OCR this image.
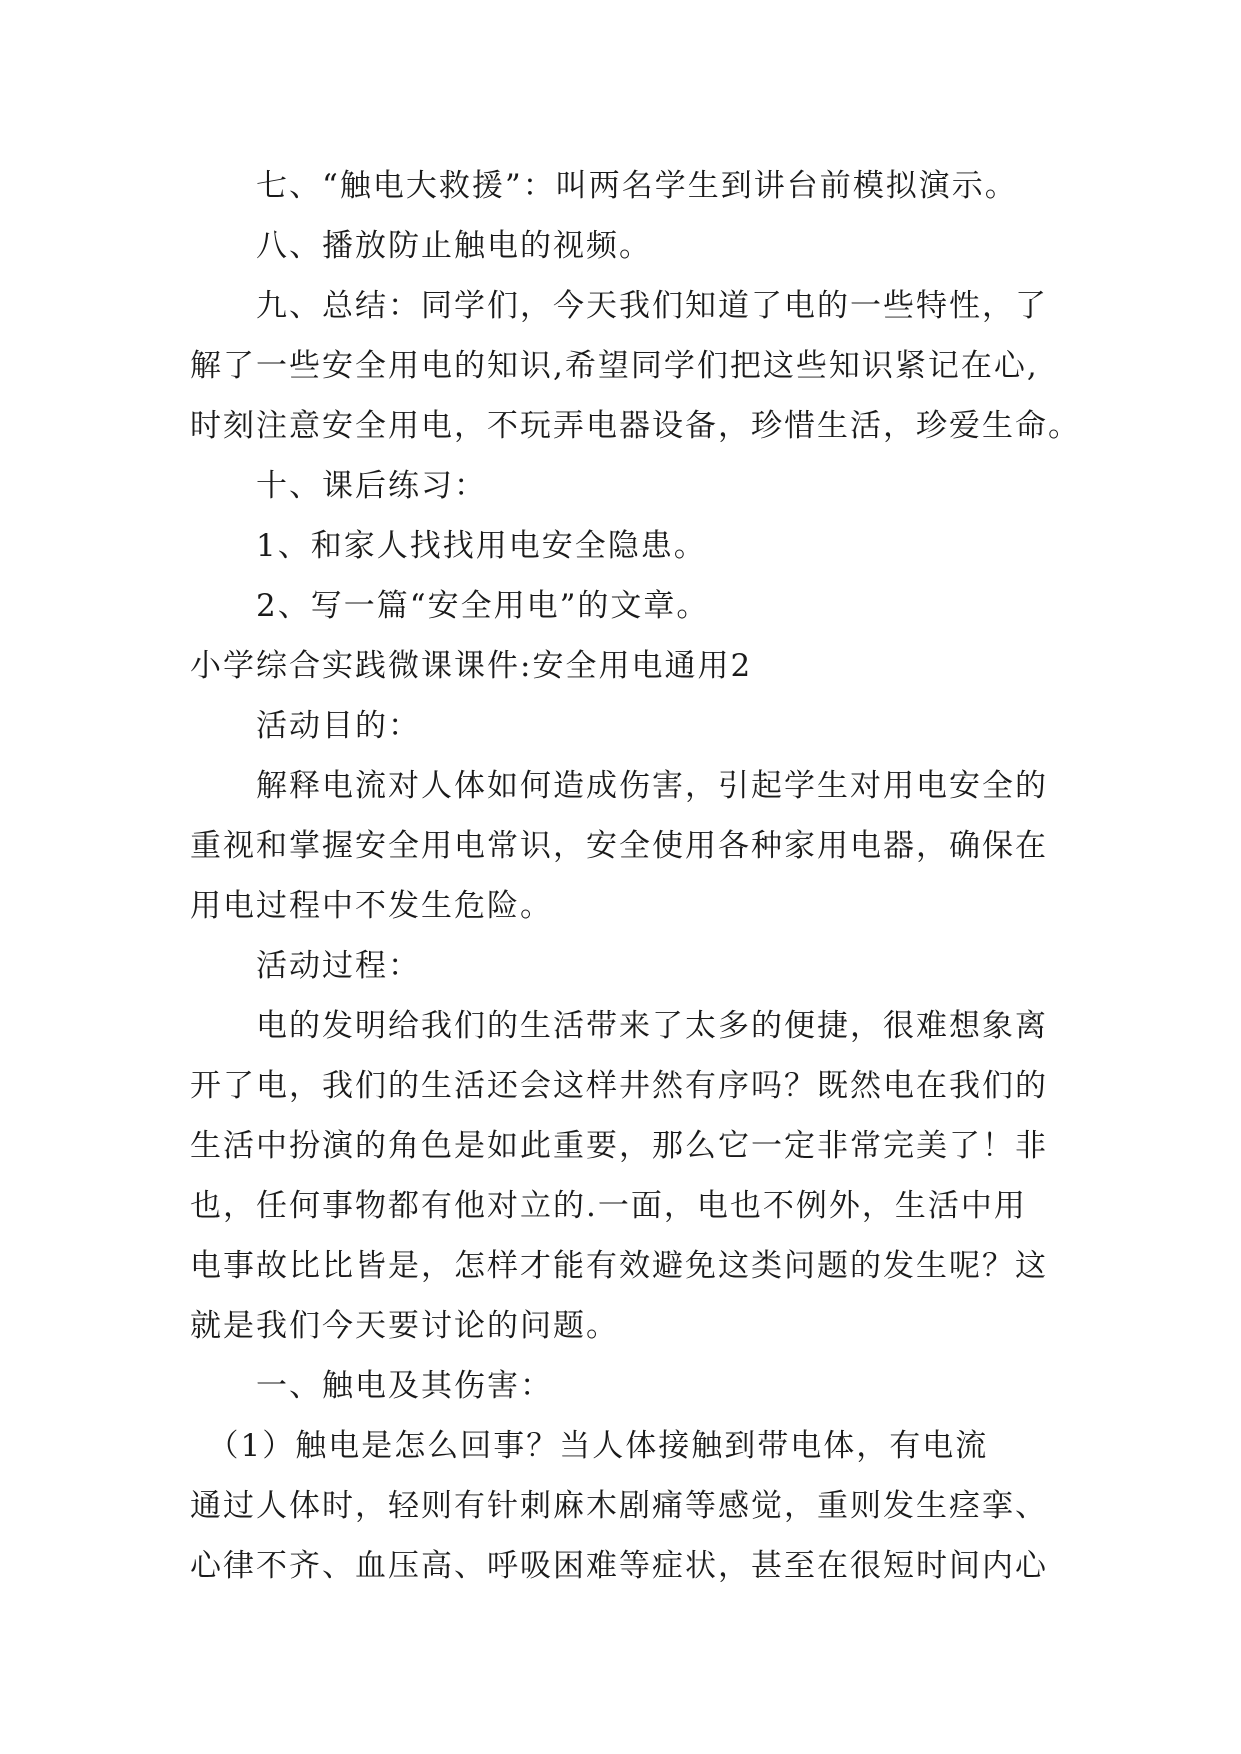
　　七、“触电大救援”：叫两名学生到讲台前模拟演示。
　　八、播放防止触电的视频。
　　九、总结：同学们，今天我们知道了电的一些特性，了
解了一些安全用电的知识,希望同学们把这些知识紧记在心,
时刻注意安全用电，不玩弄电器设备，珍惜生活，珍爱生命。
　　十、课后练习：
　　1、和家人找找用电安全隐患。
　　2、写一篇“安全用电”的文章。
小学综合实践微课课件:安全用电通用2
　　活动目的：
　　解释电流对人体如何造成伤害，引起学生对用电安全的
重视和掌握安全用电常识，安全使用各种家用电器，确保在
用电过程中不发生危险。
　　活动过程：
　　电的发明给我们的生活带来了太多的便捷，很难想象离
开了电，我们的生活还会这样井然有序吗？既然电在我们的
生活中扮演的角色是如此重要，那么它一定非常完美了！非
也，任何事物都有他对立的.一面，电也不例外，生活中用
电事故比比皆是，怎样才能有效避免这类问题的发生呢？这
就是我们今天要讨论的问题。
　　一、触电及其伤害：
　（1）触电是怎么回事？当人体接触到带电体，有电流
通过人体时，轻则有针刺麻木剧痛等感觉，重则发生痉挛、
心律不齐、血压高、呼吸困难等症状，甚至在很短时间内心
